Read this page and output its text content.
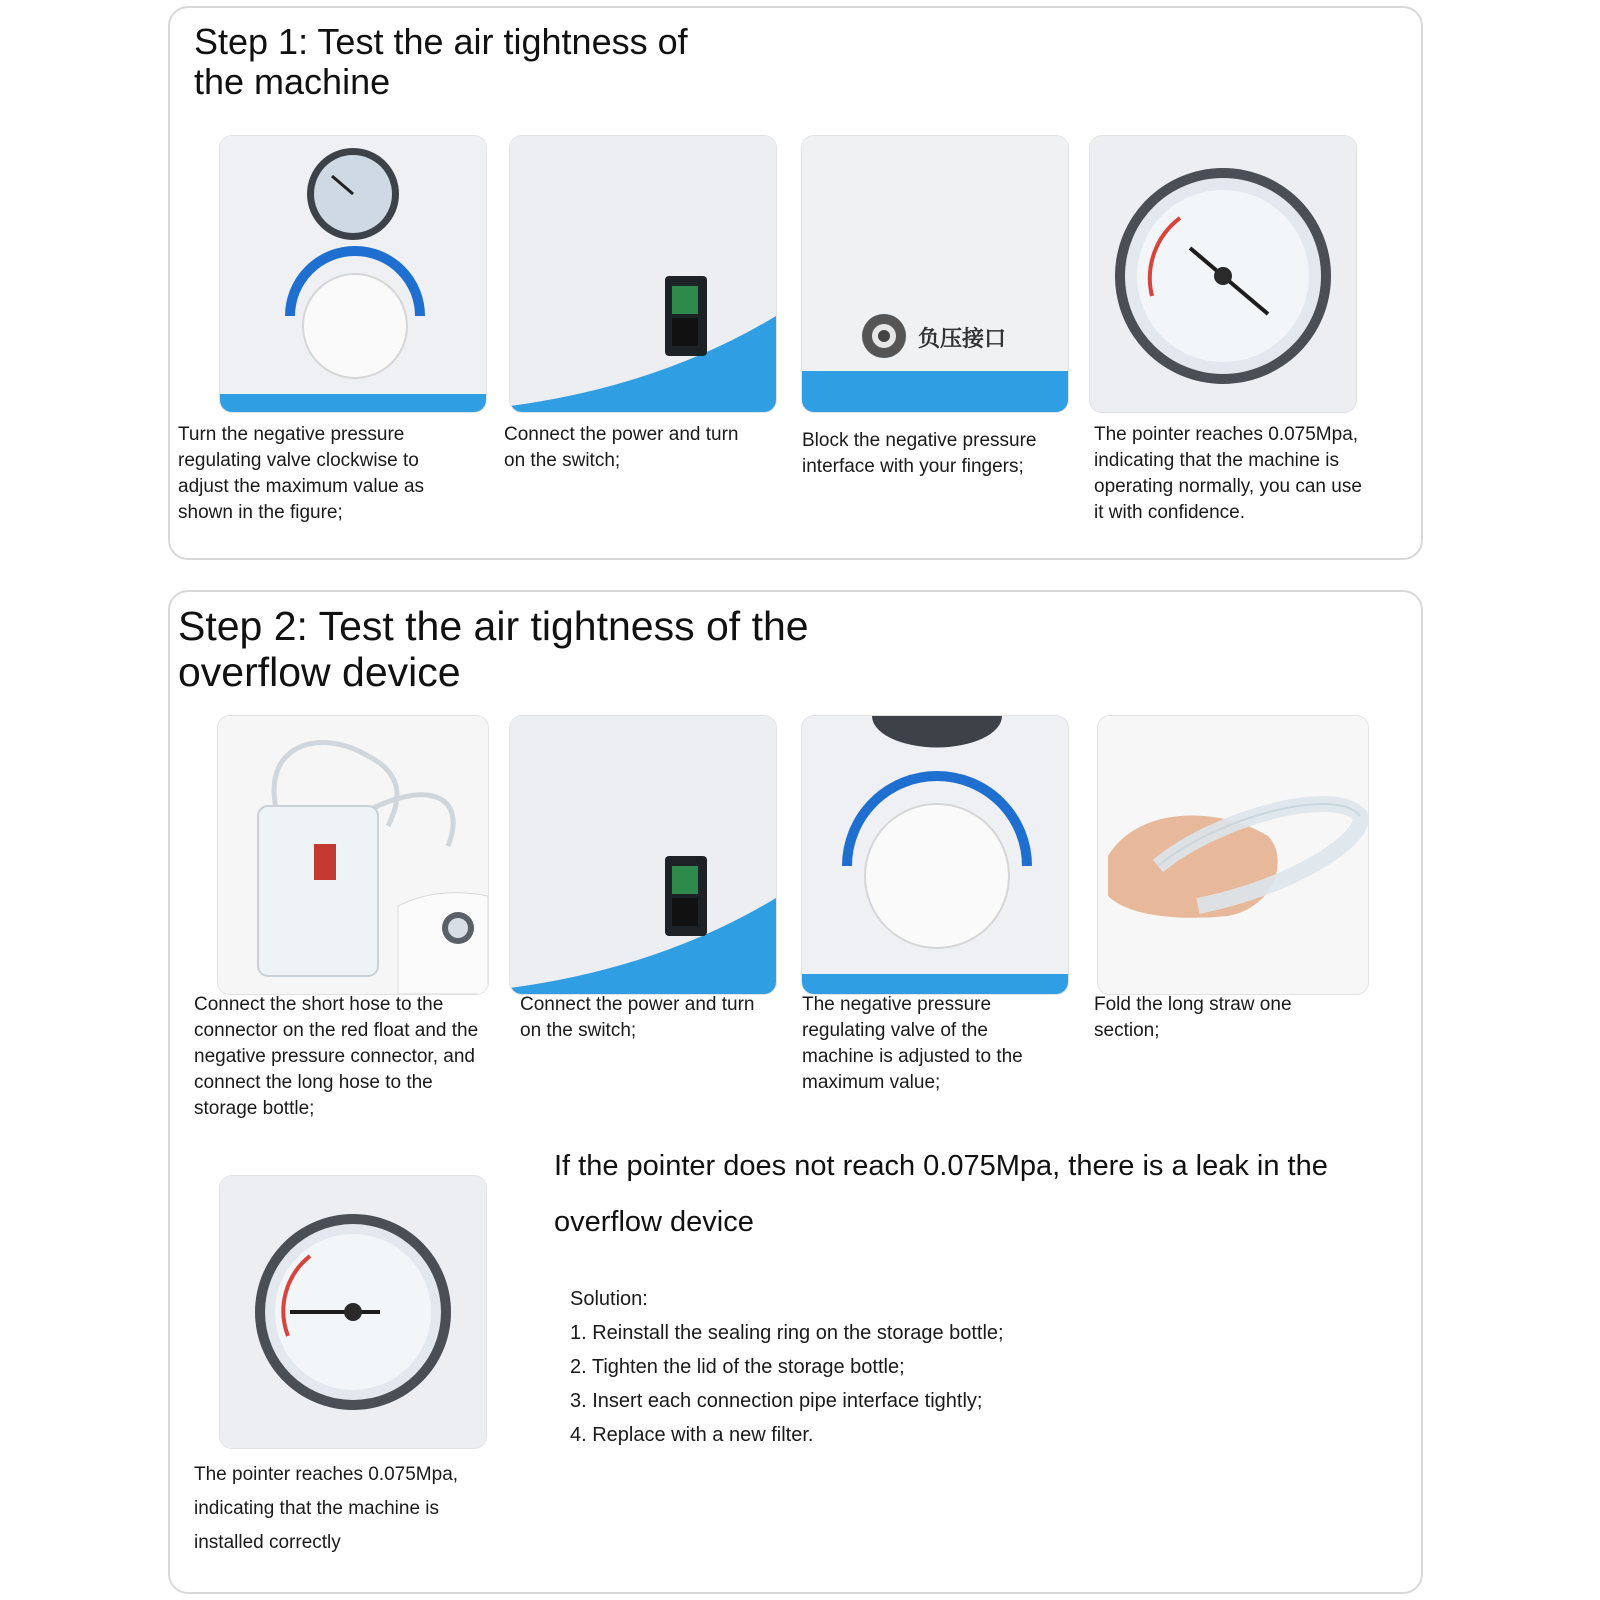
Step 1: Test the air tightness of
the machine
负压接口

Turn the negative pressure
regulating valve clockwise to
adjust the maximum value as
shown in the figure;

Connect the power and turn
on the switch;

Block the negative pressure
interface with your fingers;

The pointer reaches 0.075Mpa,
indicating that the machine is
operating normally, you can use
it with confidence.

Step 2: Test the air tightness of the
overflow device

Connect the short hose to the
connector on the red float and the
negative pressure connector, and
connect the long hose to the
storage bottle;

Connect the power and turn
on the switch;

The negative pressure
regulating valve of the
machine is adjusted to the
maximum value;

Fold the long straw one
section;

The pointer reaches 0.075Mpa,
indicating that the machine is
installed correctly

If the pointer does not reach 0.075Mpa, there is a leak in the
overflow device

Solution:
1. Reinstall the sealing ring on the storage bottle;
2. Tighten the lid of the storage bottle;
3. Insert each connection pipe interface tightly;
4. Replace with a new filter.
